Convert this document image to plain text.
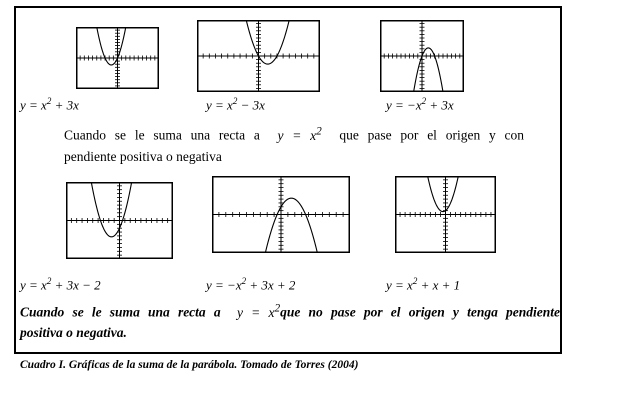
$y = x^2 + 3x$	$y = x^2 - 3x$	$y = -x^2 + 3x$
Cuando se le suma una recta a $y = x^2$ que pase por el origen y con
pendiente positiva o negativa
$y = x^2 + 3x - 2$	$y = -x^2 + 3x + 2$	$y = x^2 + x + 1$
Cuando se le suma una recta a $y = x^2que$ no pase por el origen y tenga pendiente
positiva o negativa.
Cuadro I. Gráficas de la suma de la parábola. Tomado de Torres (2004)
